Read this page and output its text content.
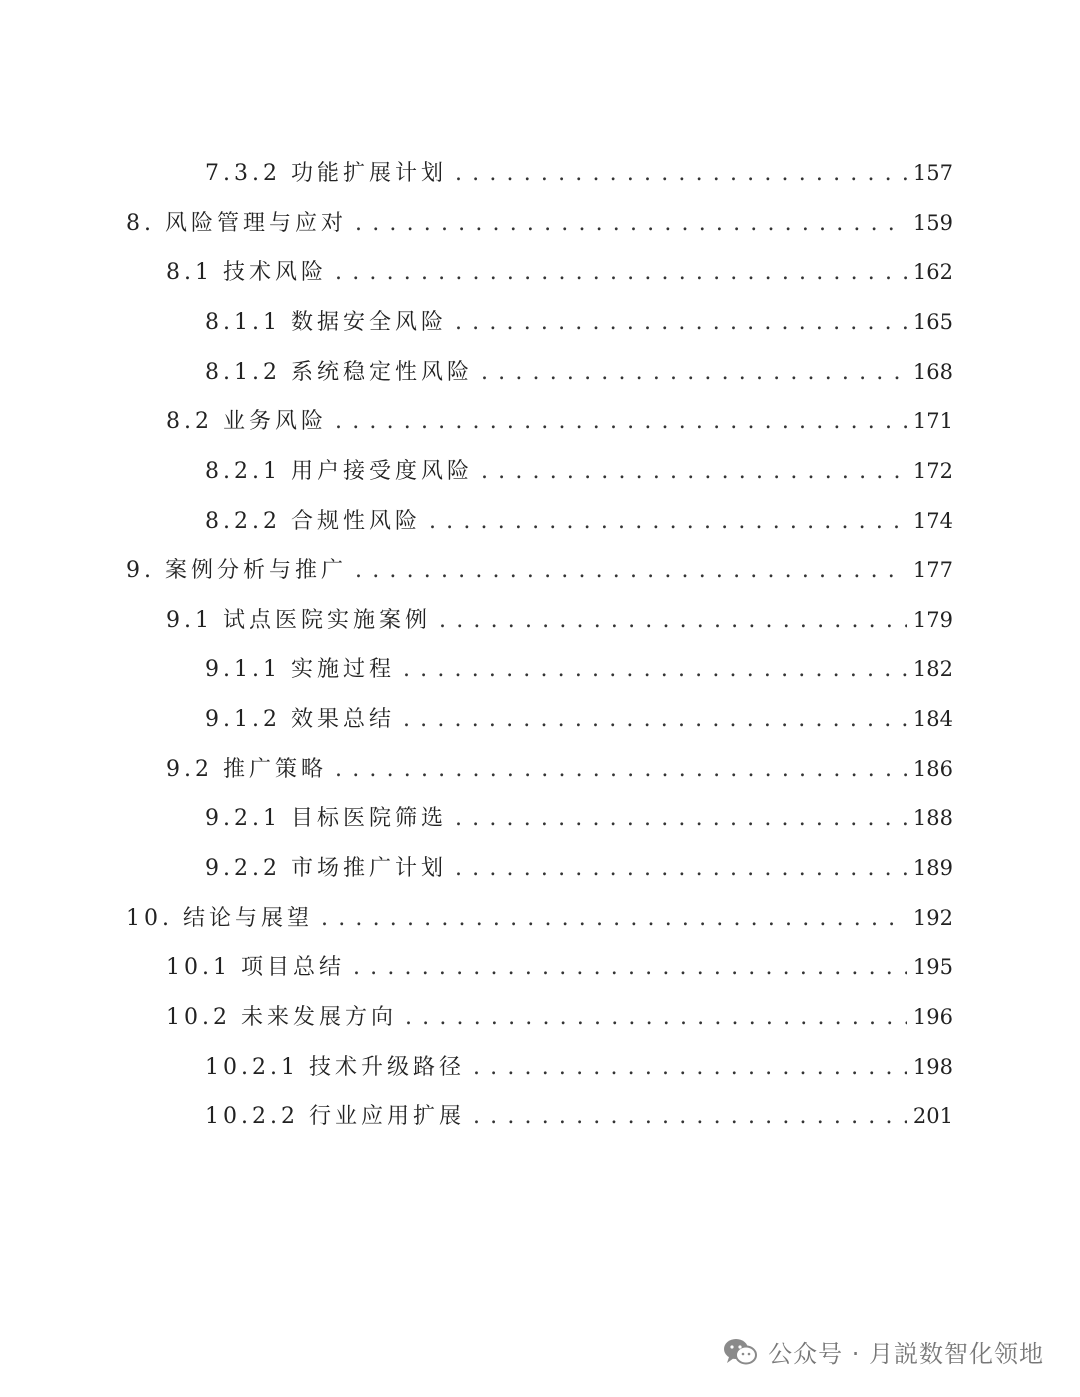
7.3.2 功能扩展计划 . . .	157
8. 风险管理与应对 . . .	159
8.1 技术风险 . . .	162
8.1.1 数据安全风险 . . .	165
8.1.2 系统稳定性风险 . . .	168
8.2 业务风险 . . .	171
8.2.1 用户接受度风险 . . .	172
8.2.2 合规性风险 . . .	174
9. 案例分析与推广 . . .	177
9.1 试点医院实施案例 . . .	179
9.1.1 实施过程 . . .	182
9.1.2 效果总结 . . .	184
9.2 推广策略 . . .	186
9.2.1 目标医院筛选 . . .	188
9.2.2 市场推广计划 . . .	189
10. 结论与展望 . . .	192
10.1 项目总结 . . .	195
10.2 未来发展方向 . . .	196
10.2.1 技术升级路径 . . .	198
10.2.2 行业应用扩展 . . .	201
公众号 · 月説数智化领地
